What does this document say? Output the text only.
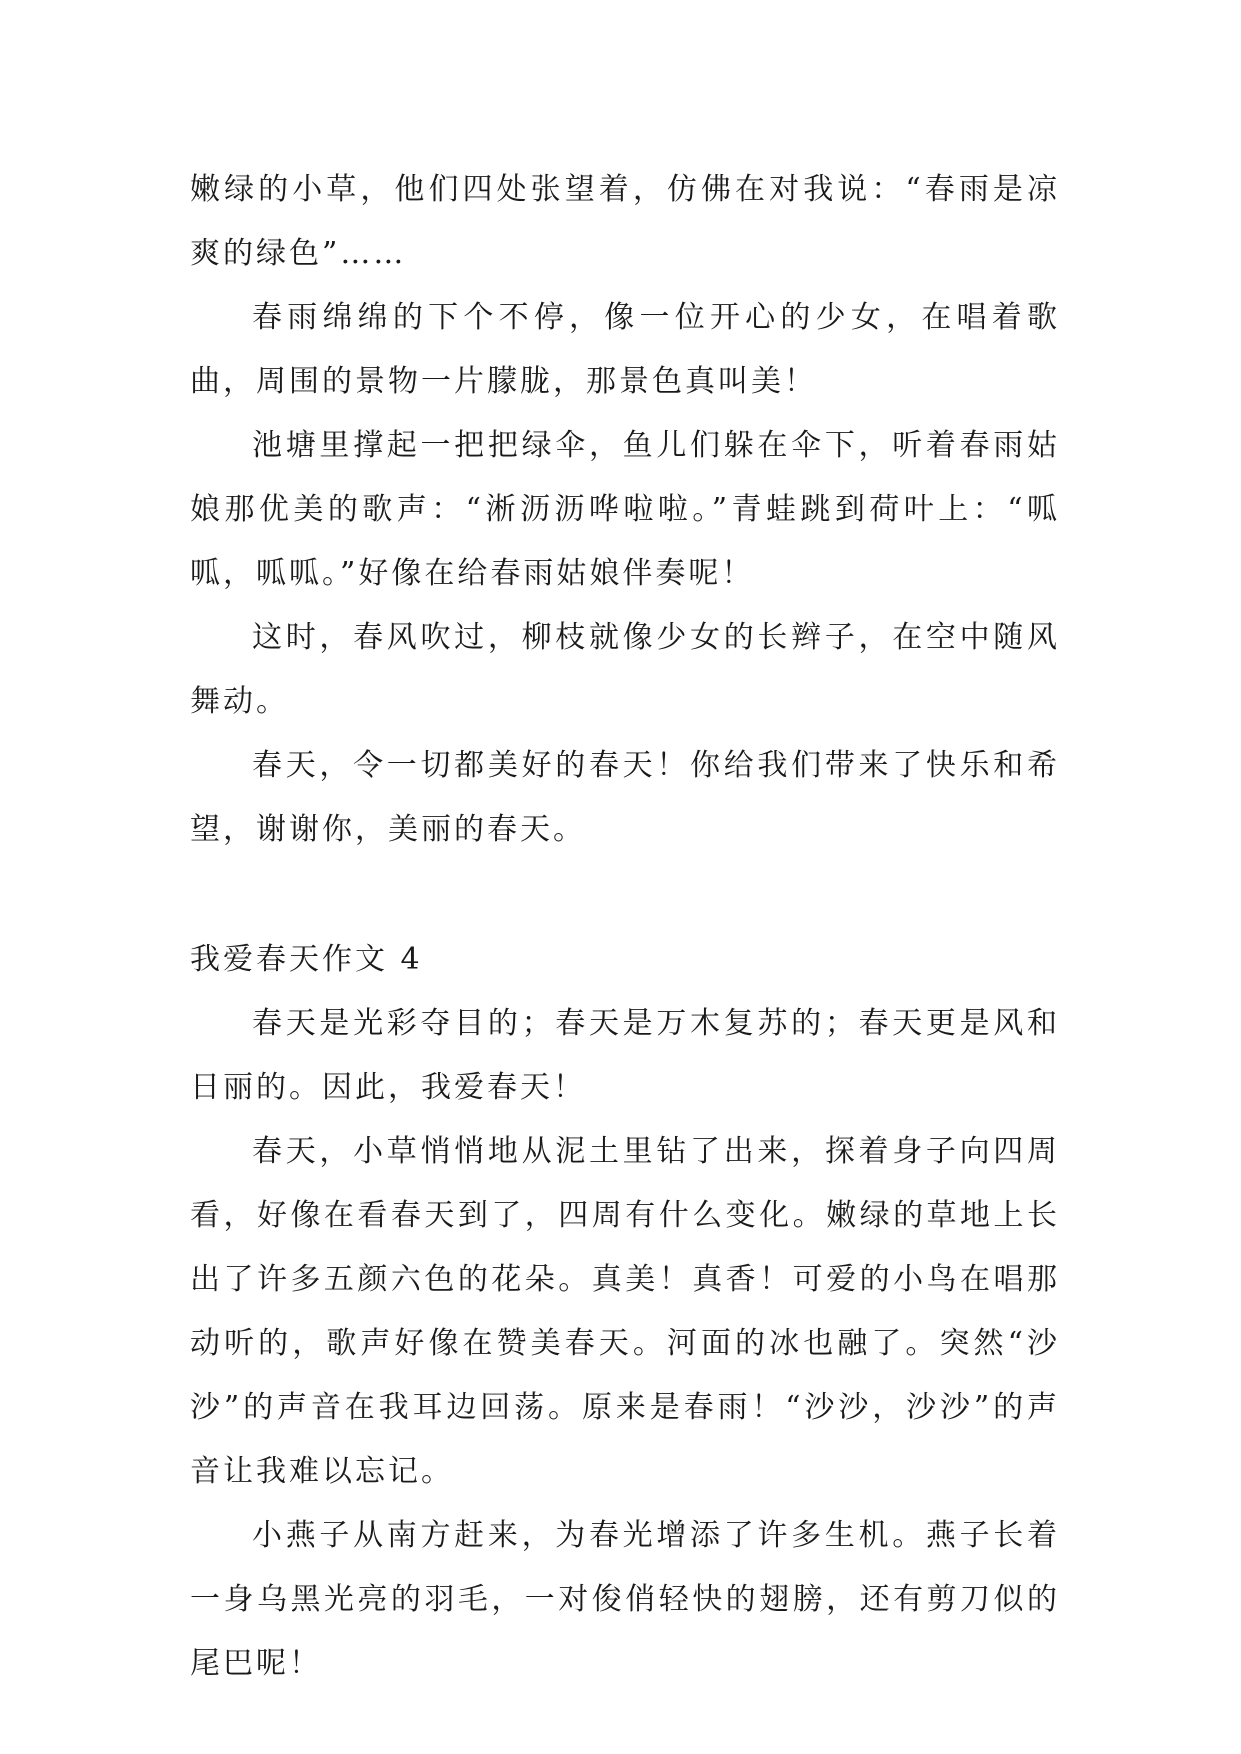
嫩绿的小草，他们四处张望着，仿佛在对我说：“春雨是凉爽的绿色”……

春雨绵绵的下个不停，像一位开心的少女，在唱着歌曲，周围的景物一片朦胧，那景色真叫美！

池塘里撑起一把把绿伞，鱼儿们躲在伞下，听着春雨姑娘那优美的歌声：“淅沥沥哗啦啦。”青蛙跳到荷叶上：“呱呱，呱呱。”好像在给春雨姑娘伴奏呢！

这时，春风吹过，柳枝就像少女的长辫子，在空中随风舞动。

春天，令一切都美好的春天！你给我们带来了快乐和希望，谢谢你，美丽的春天。

我爱春天作文 4

春天是光彩夺目的；春天是万木复苏的；春天更是风和日丽的。因此，我爱春天！

春天，小草悄悄地从泥土里钻了出来，探着身子向四周看，好像在看春天到了，四周有什么变化。嫩绿的草地上长出了许多五颜六色的花朵。真美！真香！可爱的小鸟在唱那动听的，歌声好像在赞美春天。河面的冰也融了。突然“沙沙”的声音在我耳边回荡。原来是春雨！“沙沙，沙沙”的声音让我难以忘记。

小燕子从南方赶来，为春光增添了许多生机。燕子长着一身乌黑光亮的羽毛，一对俊俏轻快的翅膀，还有剪刀似的尾巴呢！
